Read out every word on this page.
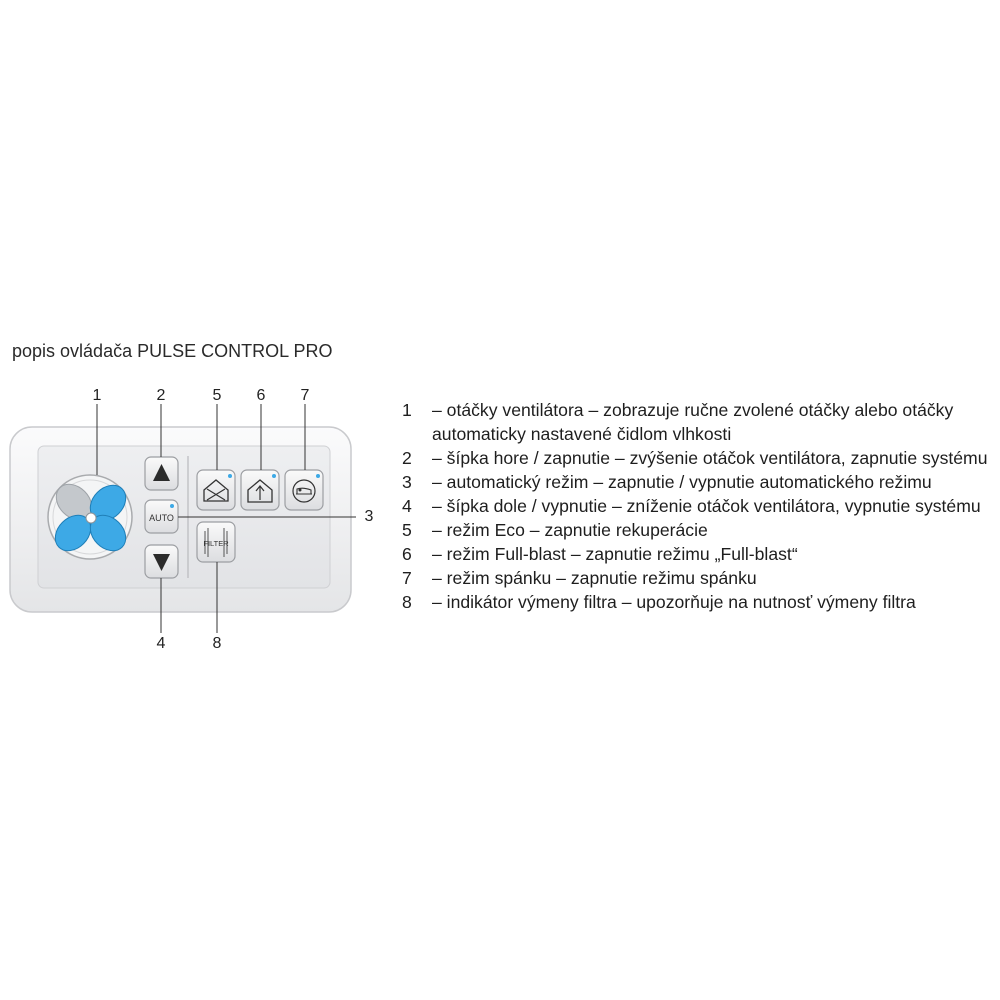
popis ovládača PULSE CONTROL PRO
1	2	5	6	7
3
4	8
AUTO
FILTER
1 – otáčky ventilátora – zobrazuje ručne zvolené otáčky alebo otáčky automaticky nastavené čidlom vlhkosti
2 – šípka hore / zapnutie – zvýšenie otáčok ventilátora, zapnutie systému
3 – automatický režim – zapnutie / vypnutie automatického režimu
4 – šípka dole / vypnutie – zníženie otáčok ventilátora, vypnutie systému
5 – režim Eco – zapnutie rekuperácie
6 – režim Full-blast – zapnutie režimu „Full-blast“
7 – režim spánku – zapnutie režimu spánku
8 – indikátor výmeny filtra – upozorňuje na nutnosť výmeny filtra
